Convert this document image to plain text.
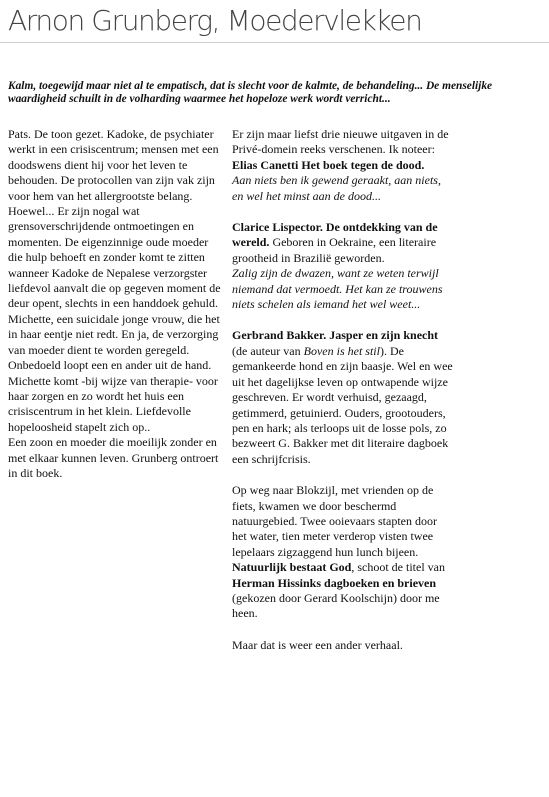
Arnon Grunberg, Moedervlekken
Kalm, toegewijd maar niet al te empatisch, dat is slecht voor de kalmte, de behandeling... De menselijke waardigheid schuilt in de volharding waarmee het hopeloze werk wordt verricht...

Pats. De toon gezet. Kadoke, de psychiater werkt in een crisiscentrum; mensen met een doodswens dient hij voor het leven te behouden. De protocollen van zijn vak zijn voor hem van het allergrootste belang. Hoewel... Er zijn nogal wat grensoverschrijdende ontmoetingen en momenten. De eigenzinnige oude moeder die hulp behoeft en zonder komt te zitten wanneer Kadoke de Nepalese verzorgster liefdevol aanvalt die op gegeven moment de deur opent, slechts in een handdoek gehuld.

Michette, een suicidale jonge vrouw, die het in haar eentje niet redt. En ja, de verzorging van moeder dient te worden geregeld.

Onbedoeld loopt een en ander uit de hand. Michette komt -bij wijze van therapie- voor haar zorgen en zo wordt het huis een crisiscentrum in het klein. Liefdevolle hopeloosheid stapelt zich op..

Een zoon en moeder die moeilijk zonder en met elkaar kunnen leven. Grunberg ontroert in dit boek.

Er zijn maar liefst drie nieuwe uitgaven in de Privé-domein reeks verschenen. Ik noteer:

Elias Canetti Het boek tegen de dood.

Aan niets ben ik gewend geraakt, aan niets, en wel het minst aan de dood...

Clarice Lispector. De ontdekking van de wereld. Geboren in Oekraine, een literaire grootheid in Brazilië geworden.

Zalig zijn de dwazen, want ze weten terwijl niemand dat vermoedt. Het kan ze trouwens niets schelen als iemand het wel weet...

Gerbrand Bakker. Jasper en zijn knecht (de auteur van Boven is het stil). De gemankeerde hond en zijn baasje. Wel en wee uit het dagelijkse leven op ontwapende wijze geschreven. Er wordt verhuisd, gezaagd, getimmerd, getuinierd. Ouders, grootouders, pen en hark; als terloops uit de losse pols, zo bezweert G. Bakker met dit literaire dagboek een schrijfcrisis.

Op weg naar Blokzijl, met vrienden op de fiets, kwamen we door beschermd natuurgebied. Twee ooievaars stapten door het water, tien meter verderop visten twee lepelaars zigzaggend hun lunch bijeen.

Natuurlijk bestaat God, schoot de titel van Herman Hissinks dagboeken en brieven (gekozen door Gerard Koolschijn) door me heen.

Maar dat is weer een ander verhaal.
